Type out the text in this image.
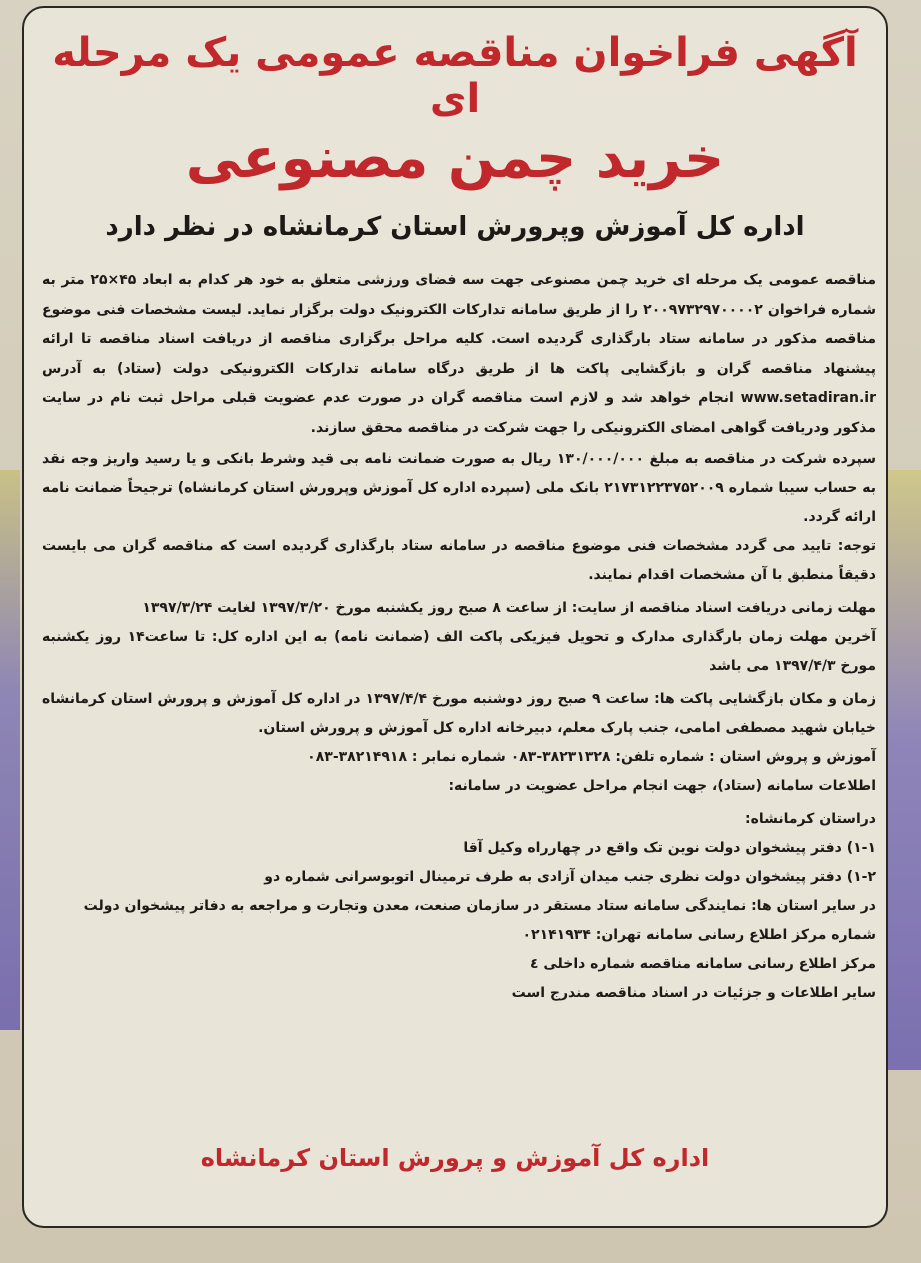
آگهی فراخوان مناقصه عمومی یک مرحله ای
خرید چمن مصنوعی
اداره کل آموزش وپرورش استان کرمانشاه در نظر دارد

مناقصه عمومی یک مرحله ای خرید چمن مصنوعی جهت سه فضای ورزشی متعلق به خود هر کدام به ابعاد ۴۵×۲۵ متر به شماره فراخوان ۲۰۰۹۷۳۲۹۷۰۰۰۰۲ را از طریق سامانه تدارکات الکترونیک دولت برگزار نماید. لیست مشخصات فنی موضوع مناقصه مذکور در سامانه ستاد بارگذاری گردیده است. کلیه مراحل برگزاری مناقصه از دریافت اسناد مناقصه تا ارائه پیشنهاد مناقصه گران و بازگشایی پاکت ها از طریق درگاه سامانه تدارکات الکترونیکی دولت (ستاد) به آدرس www.setadiran.ir انجام خواهد شد و لازم است مناقصه گران در صورت عدم عضویت قبلی مراحل ثبت نام در سایت مذکور ودریافت گواهی امضای الکترونیکی را جهت شرکت در مناقصه محقق سازند.

سپرده شرکت در مناقصه به مبلغ ۱۳۰/۰۰۰/۰۰۰ ریال به صورت ضمانت نامه بی قید وشرط بانکی و یا رسید واریز وجه نقد به حساب سیبا شماره ۲۱۷۳۱۲۲۳۷۵۲۰۰۹ بانک ملی (سپرده اداره کل آموزش وپرورش استان کرمانشاه) ترجیحاً ضمانت نامه ارائه گردد.

توجه: تایید می گردد مشخصات فنی موضوع مناقصه در سامانه ستاد بارگذاری گردیده است که مناقصه گران می بایست دقیقاً منطبق با آن مشخصات اقدام نمایند.

مهلت زمانی دریافت اسناد مناقصه از سایت: از ساعت ۸ صبح روز یکشنبه مورخ ۱۳۹۷/۳/۲۰ لغایت ۱۳۹۷/۳/۲۴

آخرین مهلت زمان بارگذاری مدارک و تحویل فیزیکی پاکت الف (ضمانت نامه) به این اداره کل: تا ساعت۱۴ روز یکشنبه مورخ ۱۳۹۷/۴/۳ می باشد

زمان و مکان بازگشایی پاکت ها: ساعت ۹ صبح روز دوشنبه مورخ ۱۳۹۷/۴/۴ در اداره کل آموزش و پرورش استان کرمانشاه خیابان شهید مصطفی امامی، جنب پارک معلم، دبیرخانه اداره کل آموزش و پرورش استان.

آموزش و پروش استان : شماره تلفن: ۳۸۲۳۱۳۲۸-۰۸۳ شماره نمابر : ۳۸۲۱۴۹۱۸-۰۸۳

اطلاعات سامانه (ستاد)، جهت انجام مراحل عضویت در سامانه:

دراستان کرمانشاه:

۱-۱) دفتر پیشخوان دولت نوین تک واقع در چهارراه وکیل آقا

۱-۲) دفتر پیشخوان دولت نظری جنب میدان آزادی به طرف ترمینال اتوبوسرانی شماره دو

در سایر استان ها: نمایندگی سامانه ستاد مستقر در سازمان صنعت، معدن وتجارت و مراجعه به دفاتر پیشخوان دولت

شماره مرکز اطلاع رسانی سامانه تهران: ۰۲۱۴۱۹۳۴

مرکز اطلاع رسانی سامانه مناقصه شماره داخلی ٤

سایر اطلاعات و جزئیات در اسناد مناقصه مندرج است

اداره کل آموزش و پرورش استان کرمانشاه
